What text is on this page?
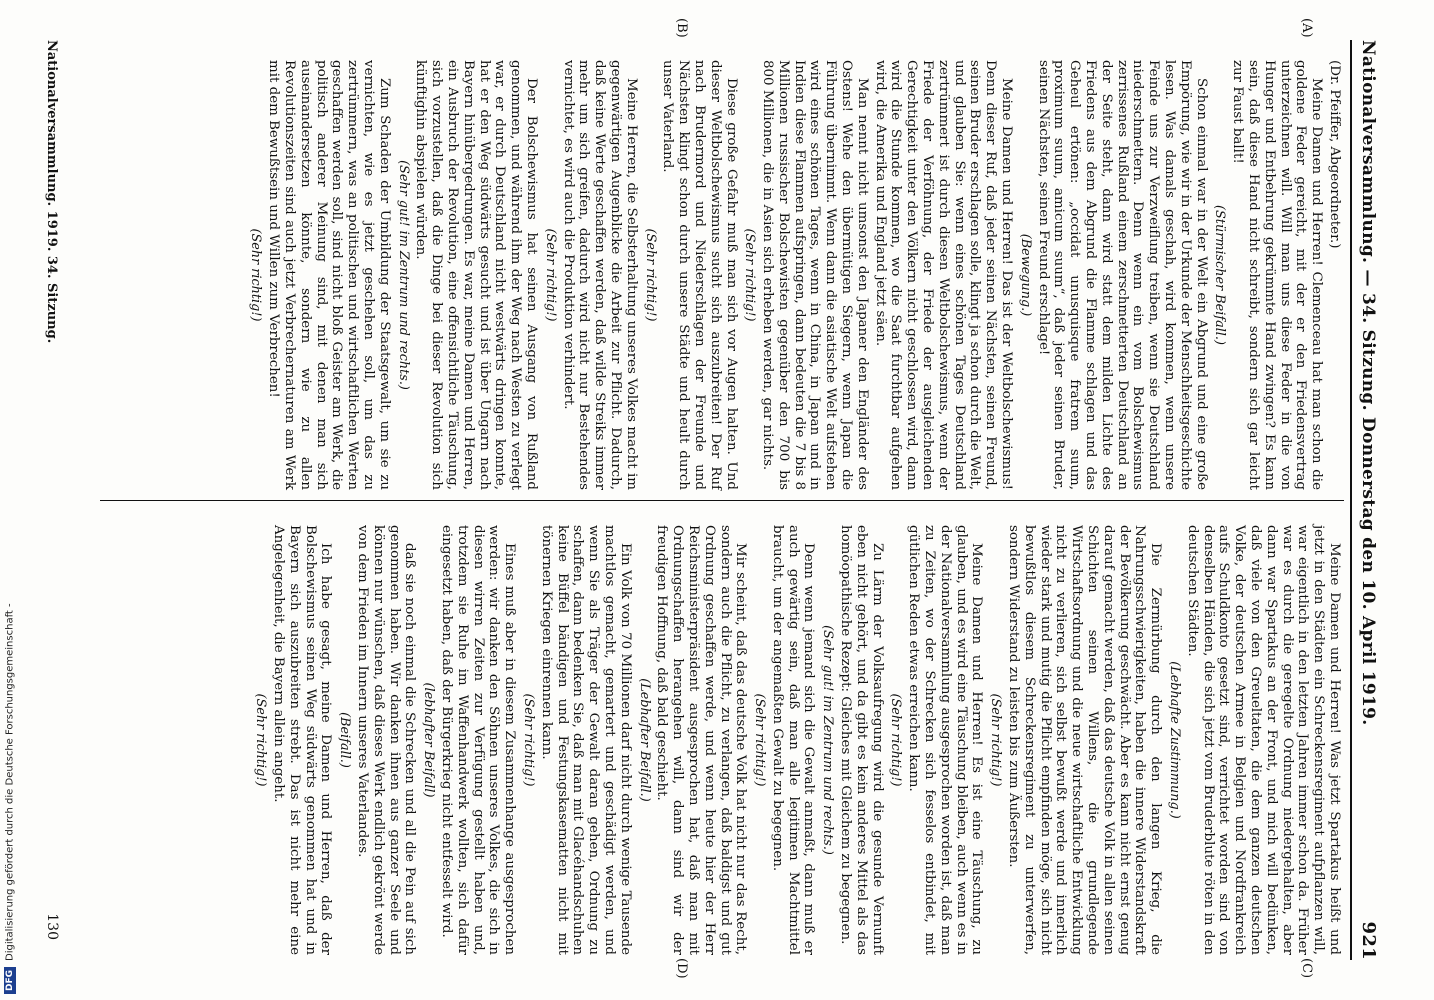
Nationalversammlung. — 34. Sitzung. Donnerstag den 10. April 1919.
921
(A)
(B)
(C)
(D)

(Dr. Pfeiffer, Abgeordneter.)

Meine Damen und Herren! Clemenceau hat man schon die goldene Feder gereicht, mit der er den Friedensvertrag unterzeichnen will. Will man uns diese Feder in die von Hunger und Entbehrung gekrümmte Hand zwingen? Es kann sein, daß diese Hand nicht schreibt, sondern sich gar leicht zur Faust ballt!

(Stürmischer Beifall.)

Schon einmal war in der Welt ein Abgrund und eine große Empörung, wie wir in der Urkunde der Menschheitsgeschichte lesen. Was damals geschah, wird kommen, wenn unsere Feinde uns zur Verzweiflung treiben, wenn sie Deutschland niederschmettern. Denn wenn ein vom Bolschewismus zerrissenes Rußland einem zerschmetterten Deutschland an der Seite steht, dann wird statt dem milden Lichte des Friedens aus dem Abgrund die Flamme schlagen und das Geheul ertönen: „occidat unusquisque fratrem suum, proximum suum, amicum suum“, daß jeder seinen Bruder, seinen Nächsten, seinen Freund erschlage!

(Bewegung.)

Meine Damen und Herren! Das ist der Weltbolschewismus! Denn dieser Ruf, daß jeder seinen Nächsten, seinen Freund, seinen Bruder erschlagen solle, klingt ja schon durch die Welt, und glauben Sie: wenn eines schönen Tages Deutschland zertrümmert ist durch diesen Weltbolschewismus, wenn der Friede der Verföhnung, der Friede der ausgleichenden Gerechtigkeit unter den Völkern nicht geschlossen wird, dann wird die Stunde kommen, wo die Saat furchtbar aufgehen wird, die Amerika und England jetzt säen.

Man nennt nicht umsonst den Japaner den Engländer des Ostens! Wehe den übermütigen Siegern, wenn Japan die Führung übernimmt. Wenn dann die asiatische Welt aufstehen wird eines schönen Tages, wenn in China, in Japan und in Indien diese Flammen aufspringen, dann bedeuten die 7 bis 8 Millionen russischer Bolschewisten gegenüber den 700 bis 800 Millionen, die in Asien sich erheben werden, gar nichts.

(Sehr richtig!)

Diese große Gefahr muß man sich vor Augen halten. Und dieser Weltbolschewismus sucht sich auszubreiten! Der Ruf nach Brudermord und Niederschlagen der Freunde und Nächsten klingt schon durch unsere Städte und heult durch unser Vaterland.

(Sehr richtig!)

Meine Herren, die Selbsterhaltung unseres Volkes macht im gegenwärtigen Augenblicke die Arbeit zur Pflicht. Dadurch, daß keine Werte geschaffen werden, daß wilde Streiks immer mehr um sich greifen, dadurch wird nicht nur Bestehendes vernichtet, es wird auch die Produktion verhindert.

(Sehr richtig!)

Der Bolschewismus hat seinen Ausgang von Rußland genommen, und während ihm der Weg nach Westen zu verlegt war, er durch Deutschland nicht westwärts dringen konnte, hat er den Weg südwärts gesucht und ist über Ungarn nach Bayern hinübergedrungen. Es war, meine Damen und Herren, ein Ausbruch der Revolution, eine offensichtliche Täuschung, sich vorzustellen, daß die Dinge bei dieser Revolution sich künftighin abspielen würden.

(Sehr gut! im Zentrum und rechts.)

Zum Schaden der Umbildung der Staatsgewalt, um sie zu vernichten, wie es jetzt geschehen soll, um das zu zertrümmern, was an politischen und wirtschaftlichen Werten geschaffen werden soll, sind nicht bloß Geister am Werk, die politisch anderer Meinung sind, mit denen man sich auseinandersetzen könnte, sondern wie zu allen Revolutionszeiten sind auch jetzt Verbrechernaturen am Werk mit dem Bewußtsein und Willen zum Verbrechen!

(Sehr richtig!)

Meine Damen und Herren! Was jetzt Spartakus heißt und jetzt in den Städten ein Schreckensregiment aufpflanzen will, war eigentlich in den letzten Jahren immer schon da. Früher war es durch die geregelte Ordnung niedergehalten, aber dann war Spartakus an der Front, und mich will bedünken, daß viele von den Greueltaten, die dem ganzen deutschen Volke, der deutschen Armee in Belgien und Nordfrankreich aufs Schuldkonto gesetzt sind, verrichtet worden sind von denselben Händen, die sich jetzt vom Bruderblute röten in den deutschen Städten.

(Lebhafte Zustimmung.)

Die Zermürbung durch den langen Krieg, die Nahrungsschwierigkeiten, haben die innere Widerstandskraft der Bevölkerung geschwächt. Aber es kann nicht ernst genug darauf gemacht werden, daß das deutsche Volk in allen seinen Schichten seinen Willens, die grundlegende Wirtschaftsordnung und die neue wirtschaftliche Entwicklung nicht zu verlieren, sich selbst bewußt werde und innerlich wieder stark und mutig die Pflicht empfinden möge, sich nicht bewußtlos diesem Schreckensregiment zu unterwerfen, sondern Widerstand zu leisten bis zum Äußersten.

(Sehr richtig!)

Meine Damen und Herren! Es ist eine Täuschung, zu glauben, und es wird eine Täuschung bleiben, auch wenn es in der Nationalversammlung ausgesprochen worden ist, daß man zu Zeiten, wo der Schrecken sich fesselos entbindet, mit gütlichen Reden etwas erreichen kann.

(Sehr richtig!)

Zu Lärm der Volksaufregung wird die gesunde Vernunft eben nicht gehört, und da gibt es kein anderes Mittel als das homöopathische Rezept: Gleiches mit Gleichem zu begegnen.

(Sehr gut! im Zentrum und rechts.)

Denn wenn jemand sich die Gewalt anmaßt, dann muß er auch gewärtig sein, daß man alle legitimen Machtmittel braucht, um der angemaßten Gewalt zu begegnen.

(Sehr richtig!)

Mir scheint, daß das deutsche Volk hat nicht nur das Recht, sondern auch die Pflicht, zu verlangen, daß baldigst und gut Ordnung geschaffen werde, und wenn heute hier der Herr Reichsministerpräsident ausgesprochen hat, daß man mit Ordnungschaffen herangehen will, dann sind wir der freudigen Hoffnung, daß bald geschieht.

(Lebhafter Beifall.)

Ein Volk von 70 Millionen darf nicht durch wenige Tausende machtlos gemacht, gemartert und geschädigt werden, und wenn Sie als Träger der Gewalt daran gehen, Ordnung zu schaffen, dann bedenken Sie, daß man mit Glacéhandschuhen keine Büffel bändigen und Festungskasematten nicht mit tönernen Kriegen einrennen kann.

(Sehr richtig!)

Eines muß aber in diesem Zusammenhange ausgesprochen werden: wir danken den Söhnen unseres Volkes, die sich in diesen wirren Zeiten zur Verfügung gestellt haben und, trotzdem sie Ruhe im Waffenhandwerk wollten, sich dafür eingesetzt haben, daß der Bürgerkrieg nicht entfesselt wird.

(lebhafter Beifall)

daß sie noch einmal die Schrecken und all die Pein auf sich genommen haben. Wir danken ihnen aus ganzer Seele und können nur wünschen, daß dieses Werk endlich gekrönt werde von dem Frieden im Innern unseres Vaterlandes.

(Beifall.)

Ich habe gesagt, meine Damen und Herren, daß der Bolschewismus seinen Weg südwärts genommen hat und in Bayern sich auszubreiten strebt. Das ist nicht mehr eine Angelegenheit, die Bayern allein angeht.

(Sehr richtig!)

Nationalversammlung. 1919. 34. Sitzung.
130
DFG
Digitalisierung gefördert durch die Deutsche Forschungsgemeinschaft -
